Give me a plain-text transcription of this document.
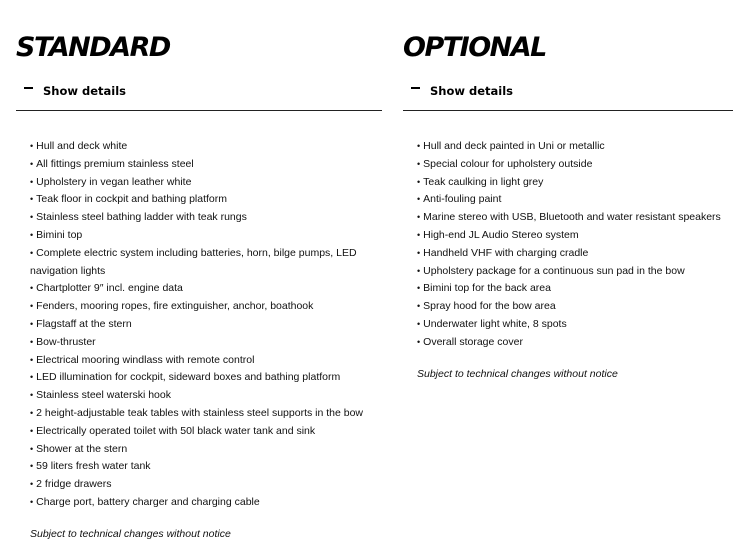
STANDARD
Show details
• Hull and deck white
• All fittings premium stainless steel
• Upholstery in vegan leather white
• Teak floor in cockpit and bathing platform
• Stainless steel bathing ladder with teak rungs
• Bimini top
• Complete electric system including batteries, horn, bilge pumps, LED navigation lights
• Chartplotter 9″ incl. engine data
• Fenders, mooring ropes, fire extinguisher, anchor, boathook
• Flagstaff at the stern
• Bow-thruster
• Electrical mooring windlass with remote control
• LED illumination for cockpit, sideward boxes and bathing platform
• Stainless steel waterski hook
• 2 height-adjustable teak tables with stainless steel supports in the bow
• Electrically operated toilet with 50l black water tank and sink
• Shower at the stern
• 59 liters fresh water tank
• 2 fridge drawers
• Charge port, battery charger and charging cable
Subject to technical changes without notice
OPTIONAL
Show details
• Hull and deck painted in Uni or metallic
• Special colour for upholstery outside
• Teak caulking in light grey
• Anti-fouling paint
• Marine stereo with USB, Bluetooth and water resistant speakers
• High-end JL Audio Stereo system
• Handheld VHF with charging cradle
• Upholstery package for a continuous sun pad in the bow
• Bimini top for the back area
• Spray hood for the bow area
• Underwater light white, 8 spots
• Overall storage cover
Subject to technical changes without notice
